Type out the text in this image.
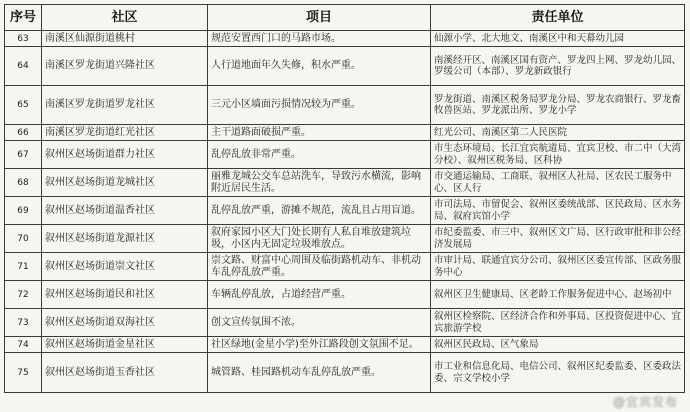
序号	社区	项目	责任单位
63	南溪区仙源街道桃村	规范安置西门口的马路市场。	仙源小学、北大地文、南溪区中和天幕幼儿园
64	南溪区罗龙街道兴隆社区	人行道地面年久失修，积水严重。	南溪经开区、南溪区国有资产、罗龙四上网、罗龙幼儿园、罗缓公司（本部）、罗龙新政银行
65	南溪区罗龙街道罗龙社区	三元小区墙面污损情况较为严重。	罗龙街道、南溪区税务局罗龙分局、罗龙农商银行、罗龙畜牧兽医站、罗龙派出所、罗龙小学
66	南溪区罗龙街道红光社区	主干道路面破损严重。	红光公司、南溪区第二人民医院
67	叙州区赵场街道群力社区	乱停乱放非常严重。	市生态环境局、长江宜宾航道局、宜宾卫校、市二中（大湾分校）、叙州区税务局、区科协
68	叙州区赵场街道龙城社区	丽雅龙城公交车总站洗车，导致污水横流，影响附近居民生活。	市交通运输局、工商联、叙州区人社局、区农民工服务中心、区人行
69	叙州区赵场街道温香社区	乱停乱放严重，游摊不规范，流乱且占用盲道。	市司法局、市留促会、叙州区委统战部、区民政局、区水务局、叙府宾馆小学
70	叙州区赵场街道龙源社区	叙府家园小区大门处长期有人私自堆放建筑垃圾，小区内无固定垃圾堆放点。	市纪委监委、市三中、叙州区文广局、区行政审批和非公经济发展局
71	叙州区赵场街道崇文社区	崇文路、财富中心周围及临街路机动车、非机动车乱停乱放严重。	市审计局、联通宜宾分公司、叙州区区委宣传部、区政务服务中心
72	叙州区赵场街道民和社区	车辆乱停乱放，占道经营严重。	叙州区卫生健康局、区老龄工作服务促进中心、赵场初中
73	叙州区赵场街道双海社区	创文宣传氛围不浓。	叙州区检察院、区经济合作和外事局、区投资促进中心、宜宾旅游学校
74	叙州区赵场街道金星社区	社区绿地(金星小学)至外江路段创文氛围不足。	叙州区民政局、区气象局
75	叙州区赵场街道玉香社区	城管路、桂园路机动车乱停乱放严重。	市工业和信息化局、电信公司、叙州区纪委监委、区委政法委、宗文学校小学
@宜宾发布
